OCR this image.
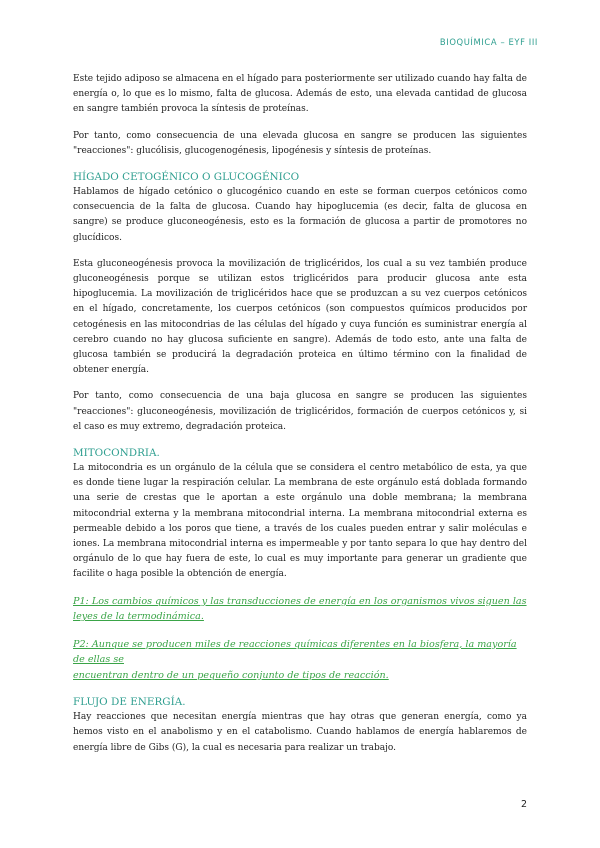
BIOQUÍMICA – EYF III

Este tejido adiposo se almacena en el hígado para posteriormente ser utilizado cuando hay falta de energía o, lo que es lo mismo, falta de glucosa. Además de esto, una elevada cantidad de glucosa en sangre también provoca la síntesis de proteínas.

Por tanto, como consecuencia de una elevada glucosa en sangre se producen las siguientes "reacciones": glucólisis, glucogenogénesis, lipogénesis y síntesis de proteínas.

HÍGADO CETOGÉNICO O GLUCOGÉNICO

Hablamos de hígado cetónico o glucogénico cuando en este se forman cuerpos cetónicos como consecuencia de la falta de glucosa. Cuando hay hipoglucemia (es decir, falta de glucosa en sangre) se produce gluconeogénesis, esto es la formación de glucosa a partir de promotores no glucídicos.

Esta gluconeogénesis provoca la movilización de triglicéridos, los cual a su vez también produce gluconeogénesis porque se utilizan estos triglicéridos para producir glucosa ante esta hipoglucemia. La movilización de triglicéridos hace que se produzcan a su vez cuerpos cetónicos en el hígado, concretamente, los cuerpos cetónicos (son compuestos químicos producidos por cetogénesis en las mitocondrias de las células del hígado y cuya función es suministrar energía al cerebro cuando no hay glucosa suficiente en sangre). Además de todo esto, ante una falta de glucosa también se producirá la degradación proteica en último término con la finalidad de obtener energía.

Por tanto, como consecuencia de una baja glucosa en sangre se producen las siguientes "reacciones": gluconeogénesis, movilización de triglicéridos, formación de cuerpos cetónicos y, si el caso es muy extremo, degradación proteica.

MITOCONDRIA.

La mitocondria es un orgánulo de la célula que se considera el centro metabólico de esta, ya que es donde tiene lugar la respiración celular. La membrana de este orgánulo está doblada formando una serie de crestas que le aportan a este orgánulo una doble membrana; la membrana mitocondrial externa y la membrana mitocondrial interna. La membrana mitocondrial externa es permeable debido a los poros que tiene, a través de los cuales pueden entrar y salir moléculas e iones. La membrana mitocondrial interna es impermeable y por tanto separa lo que hay dentro del orgánulo de lo que hay fuera de este, lo cual es muy importante para generar un gradiente que facilite o haga posible la obtención de energía.

P1: Los cambios químicos y las transducciones de energía en los organismos vivos siguen las leyes de la termodinámica.

P2: Aunque se producen miles de reacciones químicas diferentes en la biosfera, la mayoría de ellas se
encuentran dentro de un pequeño conjunto de tipos de reacción.

FLUJO DE ENERGÍA.

Hay reacciones que necesitan energía mientras que hay otras que generan energía, como ya hemos visto en el anabolismo y en el catabolismo. Cuando hablamos de energía hablaremos de energía libre de Gibs (G), la cual es necesaria para realizar un trabajo.

2
